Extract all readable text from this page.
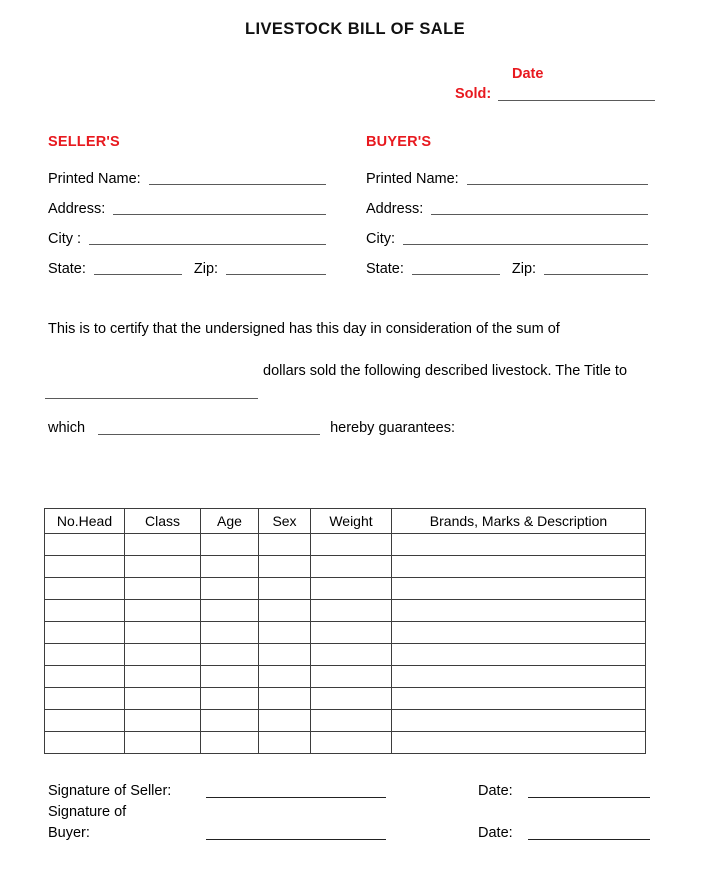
LIVESTOCK BILL OF SALE
Date
Sold:
SELLER'S
Printed Name:
Address:
City :
State:	Zip:
BUYER'S
Printed Name:
Address:
City:
State:	Zip:
This is to certify that the undersigned has this day in consideration of the sum of
dollars sold the following described livestock. The Title to
which	hereby guarantees:
No.Head	Class	Age	Sex	Weight	Brands, Marks & Description

Signature of Seller:	Date:
Signature of
Buyer:	Date:
